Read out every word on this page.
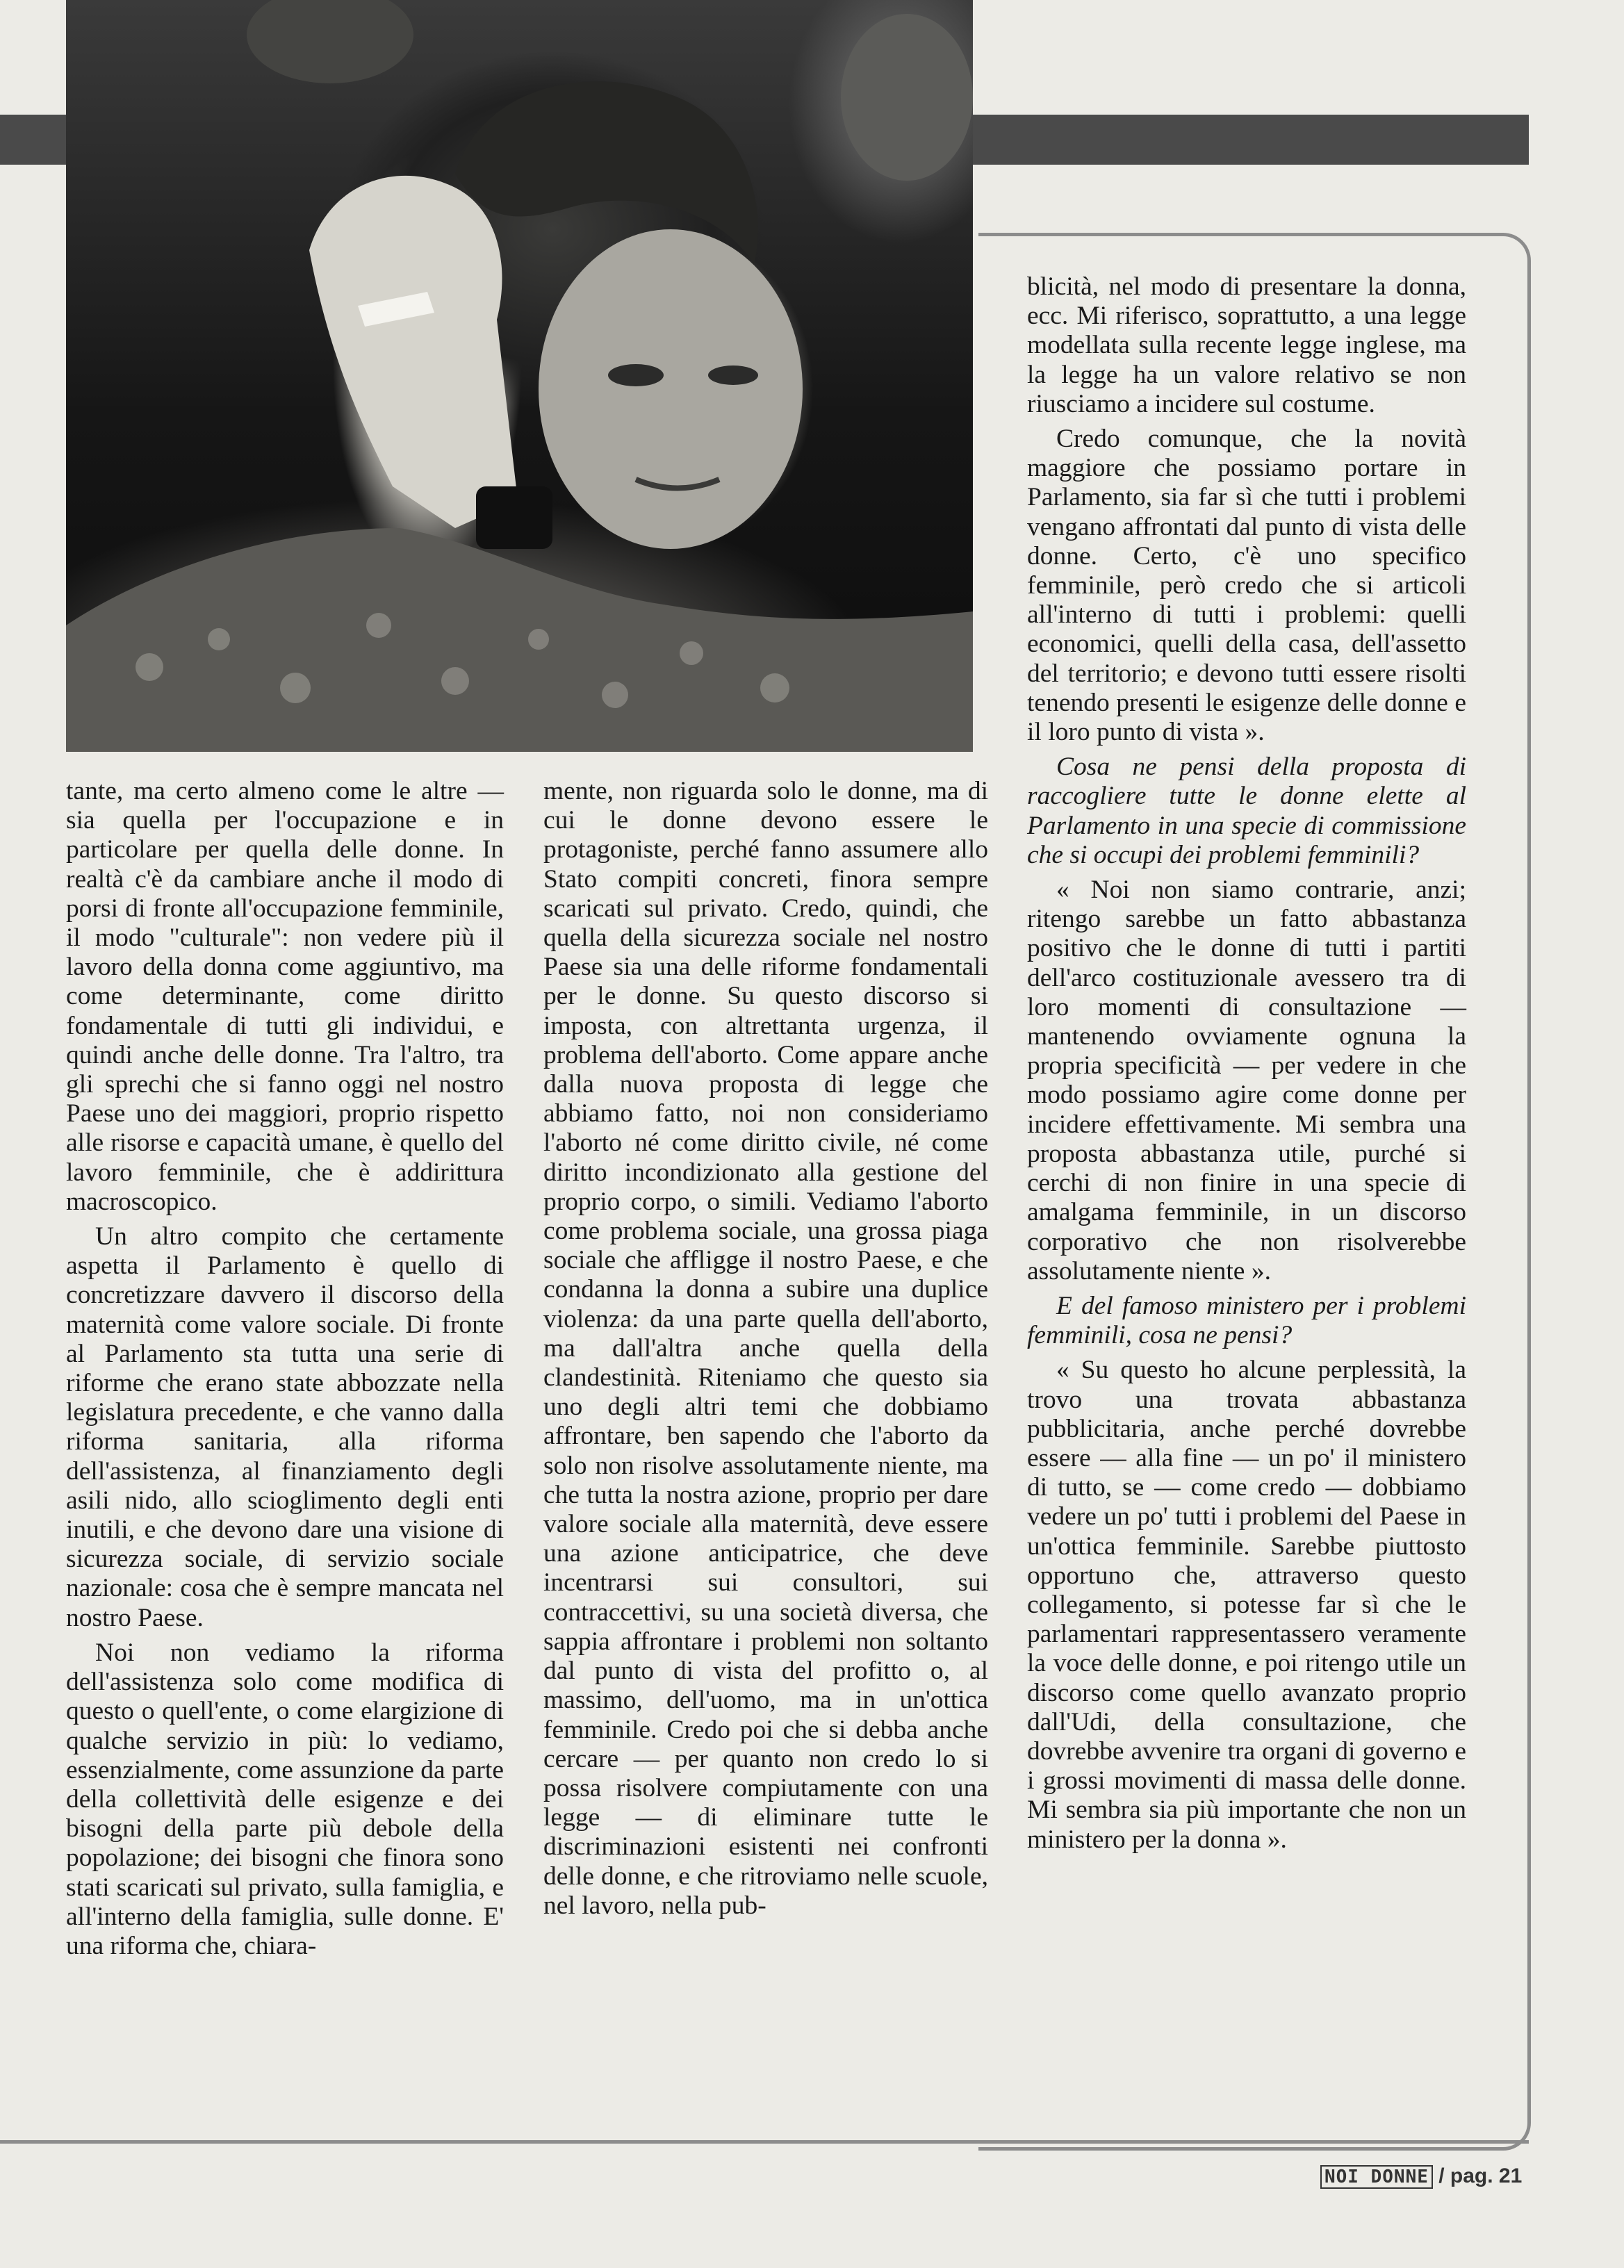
tante, ma certo almeno come le altre — sia quella per l'occupazione e in particolare per quella delle donne. In realtà c'è da cambiare anche il modo di porsi di fronte all'occupazione femminile, il modo "culturale": non vedere più il lavoro della donna come aggiuntivo, ma come determinante, come diritto fondamentale di tutti gli individui, e quindi anche delle donne. Tra l'altro, tra gli sprechi che si fanno oggi nel nostro Paese uno dei maggiori, proprio rispetto alle risorse e capacità umane, è quello del lavoro femminile, che è addirittura macroscopico.

Un altro compito che certamente aspetta il Parlamento è quello di concretizzare davvero il discorso della maternità come valore sociale. Di fronte al Parlamento sta tutta una serie di riforme che erano state abbozzate nella legislatura precedente, e che vanno dalla riforma sanitaria, alla riforma dell'assistenza, al finanziamento degli asili nido, allo scioglimento degli enti inutili, e che devono dare una visione di sicurezza sociale, di servizio sociale nazionale: cosa che è sempre mancata nel nostro Paese.

Noi non vediamo la riforma dell'assistenza solo come modifica di questo o quell'ente, o come elargizione di qualche servizio in più: lo vediamo, essenzialmente, come assunzione da parte della collettività delle esigenze e dei bisogni della parte più debole della popolazione; dei bisogni che finora sono stati scaricati sul privato, sulla famiglia, e all'interno della famiglia, sulle donne. E' una riforma che, chiara-

mente, non riguarda solo le donne, ma di cui le donne devono essere le protagoniste, perché fanno assumere allo Stato compiti concreti, finora sempre scaricati sul privato. Credo, quindi, che quella della sicurezza sociale nel nostro Paese sia una delle riforme fondamentali per le donne. Su questo discorso si imposta, con altrettanta urgenza, il problema dell'aborto. Come appare anche dalla nuova proposta di legge che abbiamo fatto, noi non consideriamo l'aborto né come diritto civile, né come diritto incondizionato alla gestione del proprio corpo, o simili. Vediamo l'aborto come problema sociale, una grossa piaga sociale che affligge il nostro Paese, e che condanna la donna a subire una duplice violenza: da una parte quella dell'aborto, ma dall'altra anche quella della clandestinità. Riteniamo che questo sia uno degli altri temi che dobbiamo affrontare, ben sapendo che l'aborto da solo non risolve assolutamente niente, ma che tutta la nostra azione, proprio per dare valore sociale alla maternità, deve essere una azione anticipatrice, che deve incentrarsi sui consultori, sui contraccettivi, su una società diversa, che sappia affrontare i problemi non soltanto dal punto di vista del profitto o, al massimo, dell'uomo, ma in un'ottica femminile. Credo poi che si debba anche cercare — per quanto non credo lo si possa risolvere compiutamente con una legge — di eliminare tutte le discriminazioni esistenti nei confronti delle donne, e che ritroviamo nelle scuole, nel lavoro, nella pub-

blicità, nel modo di presentare la donna, ecc. Mi riferisco, soprattutto, a una legge modellata sulla recente legge inglese, ma la legge ha un valore relativo se non riusciamo a incidere sul costume.

Credo comunque, che la novità maggiore che possiamo portare in Parlamento, sia far sì che tutti i problemi vengano affrontati dal punto di vista delle donne. Certo, c'è uno specifico femminile, però credo che si articoli all'interno di tutti i problemi: quelli economici, quelli della casa, dell'assetto del territorio; e devono tutti essere risolti tenendo presenti le esigenze delle donne e il loro punto di vista ».

Cosa ne pensi della proposta di raccogliere tutte le donne elette al Parlamento in una specie di commissione che si occupi dei problemi femminili?

« Noi non siamo contrarie, anzi; ritengo sarebbe un fatto abbastanza positivo che le donne di tutti i partiti dell'arco costituzionale avessero tra di loro momenti di consultazione — mantenendo ovviamente ognuna la propria specificità — per vedere in che modo possiamo agire come donne per incidere effettivamente. Mi sembra una proposta abbastanza utile, purché si cerchi di non finire in una specie di amalgama femminile, in un discorso corporativo che non risolverebbe assolutamente niente ».

E del famoso ministero per i problemi femminili, cosa ne pensi?

« Su questo ho alcune perplessità, la trovo una trovata abbastanza pubblicitaria, anche perché dovrebbe essere — alla fine — un po' il ministero di tutto, se — come credo — dobbiamo vedere un po' tutti i problemi del Paese in un'ottica femminile. Sarebbe piuttosto opportuno che, attraverso questo collegamento, si potesse far sì che le parlamentari rappresentassero veramente la voce delle donne, e poi ritengo utile un discorso come quello avanzato proprio dall'Udi, della consultazione, che dovrebbe avvenire tra organi di governo e i grossi movimenti di massa delle donne. Mi sembra sia più importante che non un ministero per la donna ».

NOI DONNE / pag. 21
